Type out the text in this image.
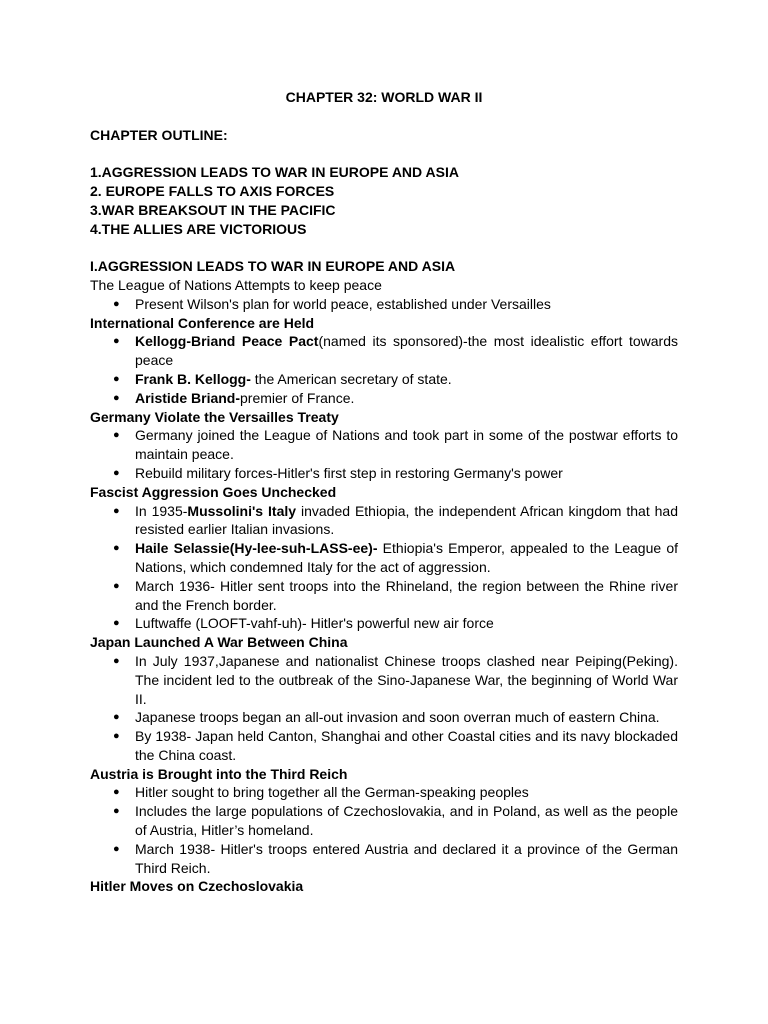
CHAPTER 32: WORLD WAR II

CHAPTER OUTLINE:

1.AGGRESSION LEADS TO WAR IN EUROPE AND ASIA

2. EUROPE FALLS TO AXIS FORCES

3.WAR BREAKSOUT IN THE PACIFIC

4.THE ALLIES ARE VICTORIOUS

I.AGGRESSION LEADS TO WAR IN EUROPE AND ASIA

The League of Nations Attempts to keep peace

● Present Wilson's plan for world peace, established under Versailles

International Conference are Held

● Kellogg-Briand Peace Pact(named its sponsored)-the most idealistic effort towards peace
● Frank B. Kellogg- the American secretary of state.
● Aristide Briand-premier of France.

Germany Violate the Versailles Treaty

● Germany joined the League of Nations and took part in some of the postwar efforts to maintain peace.
● Rebuild military forces-Hitler's first step in restoring Germany's power

Fascist Aggression Goes Unchecked

● In 1935-Mussolini's Italy invaded Ethiopia, the independent African kingdom that had resisted earlier Italian invasions.
● Haile Selassie(Hy-lee-suh-LASS-ee)- Ethiopia's Emperor, appealed to the League of Nations, which condemned Italy for the act of aggression.
● March 1936- Hitler sent troops into the Rhineland, the region between the Rhine river and the French border.
● Luftwaffe (LOOFT-vahf-uh)- Hitler's powerful new air force

Japan Launched A War Between China

● In July 1937,Japanese and nationalist Chinese troops clashed near Peiping(Peking). The incident led to the outbreak of the Sino-Japanese War, the beginning of World War II.
● Japanese troops began an all-out invasion and soon overran much of eastern China.
● By 1938- Japan held Canton, Shanghai and other Coastal cities and its navy blockaded the China coast.

Austria is Brought into the Third Reich

● Hitler sought to bring together all the German-speaking peoples
● Includes the large populations of Czechoslovakia, and in Poland, as well as the people of Austria, Hitler’s homeland.
● March 1938- Hitler's troops entered Austria and declared it a province of the German Third Reich.

Hitler Moves on Czechoslovakia
